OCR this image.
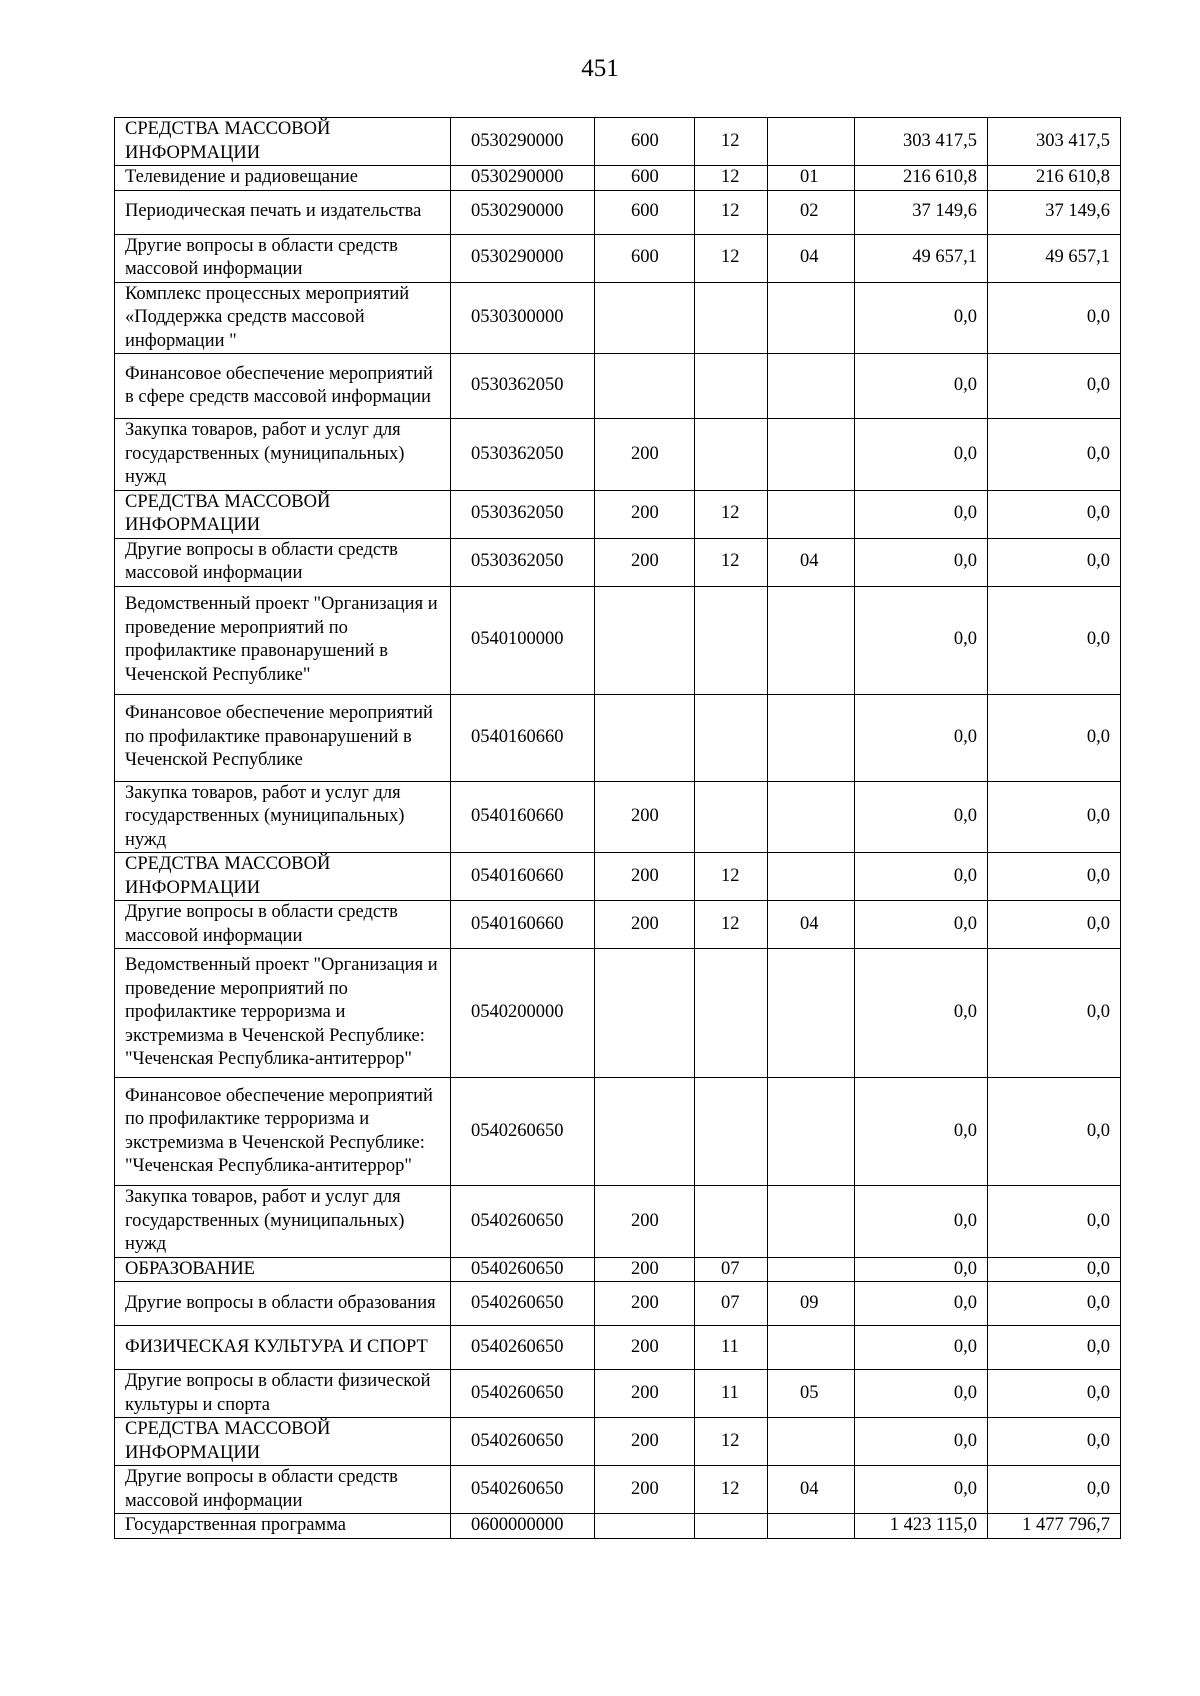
451
СРЕДСТВА МАССОВОЙ ИНФОРМАЦИИ	0530290000	600	12		303 417,5	303 417,5
Телевидение и радиовещание	0530290000	600	12	01	216 610,8	216 610,8
Периодическая печать и издательства	0530290000	600	12	02	37 149,6	37 149,6
Другие вопросы в области средств массовой информации	0530290000	600	12	04	49 657,1	49 657,1
Комплекс процессных мероприятий «Поддержка средств массовой информации "	0530300000				0,0	0,0
Финансовое обеспечение мероприятий в сфере средств массовой информации	0530362050				0,0	0,0
Закупка товаров, работ и услуг для государственных (муниципальных) нужд	0530362050	200			0,0	0,0
СРЕДСТВА МАССОВОЙ ИНФОРМАЦИИ	0530362050	200	12		0,0	0,0
Другие вопросы в области средств массовой информации	0530362050	200	12	04	0,0	0,0
Ведомственный проект "Организация и проведение мероприятий по профилактике правонарушений в Чеченской Республике"	0540100000				0,0	0,0
Финансовое обеспечение мероприятий по профилактике правонарушений в Чеченской Республике	0540160660				0,0	0,0
Закупка товаров, работ и услуг для государственных (муниципальных) нужд	0540160660	200			0,0	0,0
СРЕДСТВА МАССОВОЙ ИНФОРМАЦИИ	0540160660	200	12		0,0	0,0
Другие вопросы в области средств массовой информации	0540160660	200	12	04	0,0	0,0
Ведомственный проект "Организация и проведение мероприятий по профилактике терроризма и экстремизма в Чеченской Республике: "Чеченская Республика-антитеррор"	0540200000				0,0	0,0
Финансовое обеспечение мероприятий по профилактике терроризма и экстремизма в Чеченской Республике: "Чеченская Республика-антитеррор"	0540260650				0,0	0,0
Закупка товаров, работ и услуг для государственных (муниципальных) нужд	0540260650	200			0,0	0,0
ОБРАЗОВАНИЕ	0540260650	200	07		0,0	0,0
Другие вопросы в области образования	0540260650	200	07	09	0,0	0,0
ФИЗИЧЕСКАЯ КУЛЬТУРА И СПОРТ	0540260650	200	11		0,0	0,0
Другие вопросы в области физической культуры и спорта	0540260650	200	11	05	0,0	0,0
СРЕДСТВА МАССОВОЙ ИНФОРМАЦИИ	0540260650	200	12		0,0	0,0
Другие вопросы в области средств массовой информации	0540260650	200	12	04	0,0	0,0
Государственная программа	0600000000				1 423 115,0	1 477 796,7
